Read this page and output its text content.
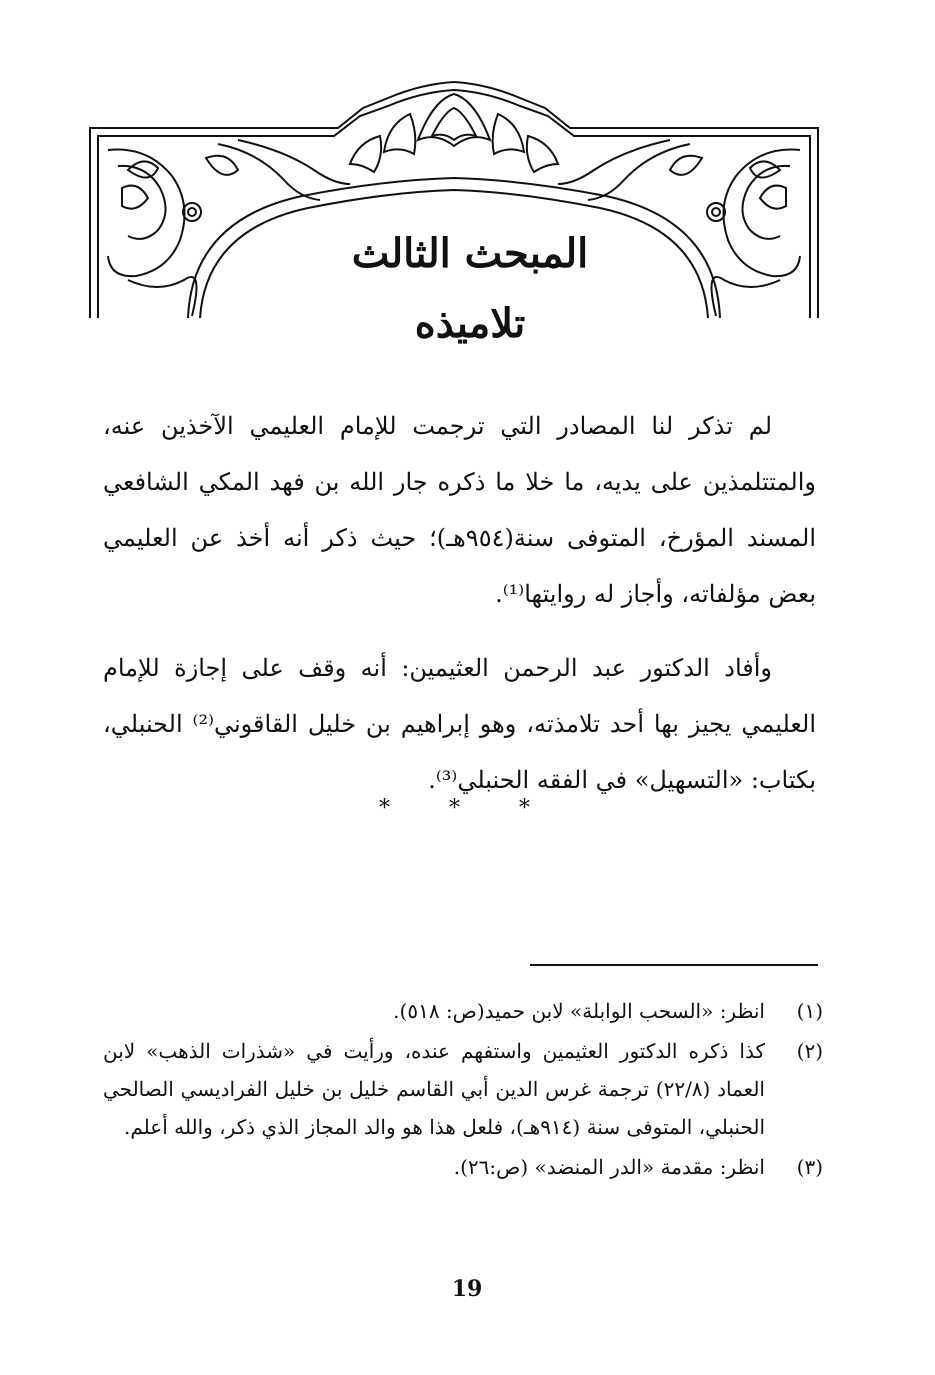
المبحث الثالث
تلاميذه

لم تذكر لنا المصادر التي ترجمت للإمام العليمي الآخذين عنه، والمتتلمذين على يديه، ما خلا ما ذكره جار الله بن فهد المكي الشافعي المسند المؤرخ، المتوفى سنة(٩٥٤هـ)؛ حيث ذكر أنه أخذ عن العليمي بعض مؤلفاته، وأجاز له روايتها⁽¹⁾.

وأفاد الدكتور عبد الرحمن العثيمين: أنه وقف على إجازة للإمام العليمي يجيز بها أحد تلامذته، وهو إبراهيم بن خليل القاقوني⁽²⁾ الحنبلي، بكتاب: «التسهيل» في الفقه الحنبلي⁽³⁾.

* * *
(١)
انظر: «السحب الوابلة» لابن حميد(ص: ٥١٨).
(٢)
كذا ذكره الدكتور العثيمين واستفهم عنده، ورأيت في «شذرات الذهب» لابن العماد (٢٢/٨) ترجمة غرس الدين أبي القاسم خليل بن خليل الفراديسي الصالحي الحنبلي، المتوفى سنة (٩١٤هـ)، فلعل هذا هو والد المجاز الذي ذكر، والله أعلم.
(٣)
انظر: مقدمة «الدر المنضد» (ص:٢٦).
19
